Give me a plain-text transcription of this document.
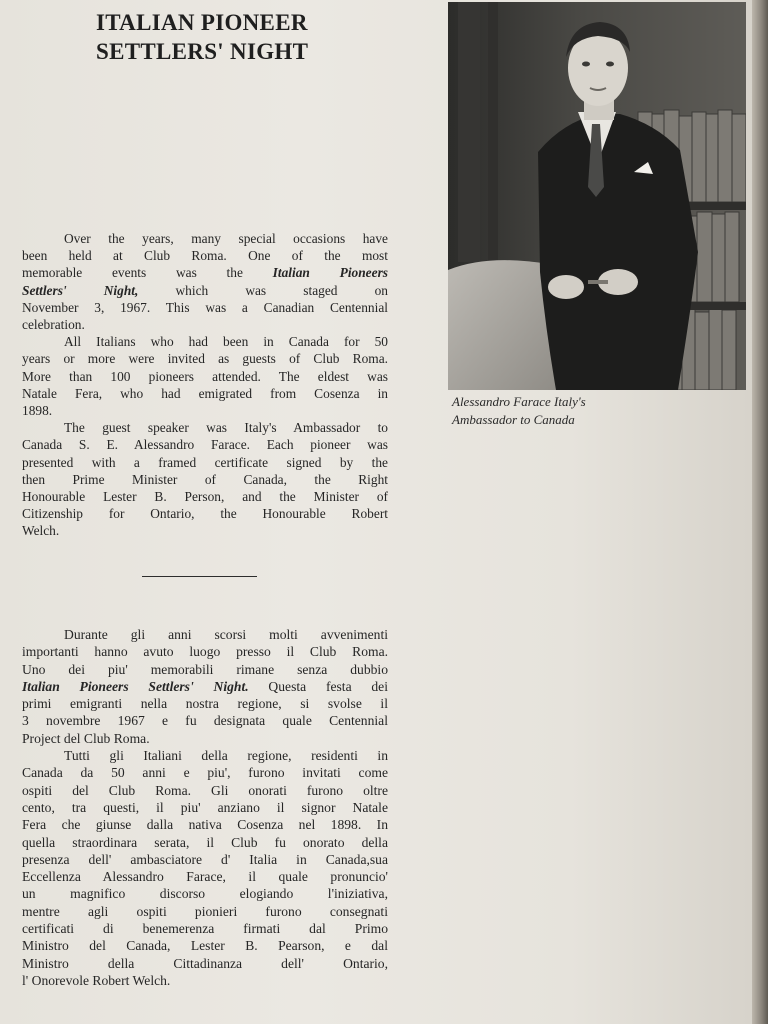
ITALIAN PIONEER
SETTLERS' NIGHT
Alessandro Farace Italy's
Ambassador to Canada

Over the years, many special occasions have
been held at Club Roma. One of the most
memorable events was the Italian Pioneers
Settlers' Night, which was staged on
November 3, 1967. This was a Canadian Centennial
celebration.

All Italians who had been in Canada for 50
years or more were invited as guests of Club Roma.
More than 100 pioneers attended. The eldest was
Natale Fera, who had emigrated from Cosenza in
1898.

The guest speaker was Italy's Ambassador to
Canada S. E. Alessandro Farace. Each pioneer was
presented with a framed certificate signed by the
then Prime Minister of Canada, the Right
Honourable Lester B. Person, and the Minister of
Citizenship for Ontario, the Honourable Robert
Welch.

Durante gli anni scorsi molti avvenimenti
importanti hanno avuto luogo presso il Club Roma.
Uno dei piu' memorabili rimane senza dubbio
Italian Pioneers Settlers' Night. Questa festa dei
primi emigranti nella nostra regione, si svolse il
3 novembre 1967 e fu designata quale Centennial
Project del Club Roma.

Tutti gli Italiani della regione, residenti in
Canada da 50 anni e piu', furono invitati come
ospiti del Club Roma. Gli onorati furono oltre
cento, tra questi, il piu' anziano il signor Natale
Fera che giunse dalla nativa Cosenza nel 1898. In
quella straordinara serata, il Club fu onorato della
presenza dell' ambasciatore d' Italia in Canada,sua
Eccellenza Alessandro Farace, il quale pronuncio'
un magnifico discorso elogiando l'iniziativa,
mentre agli ospiti pionieri furono consegnati
certificati di benemerenza firmati dal Primo
Ministro del Canada, Lester B. Pearson, e dal
Ministro della Cittadinanza dell' Ontario,
l' Onorevole Robert Welch.
